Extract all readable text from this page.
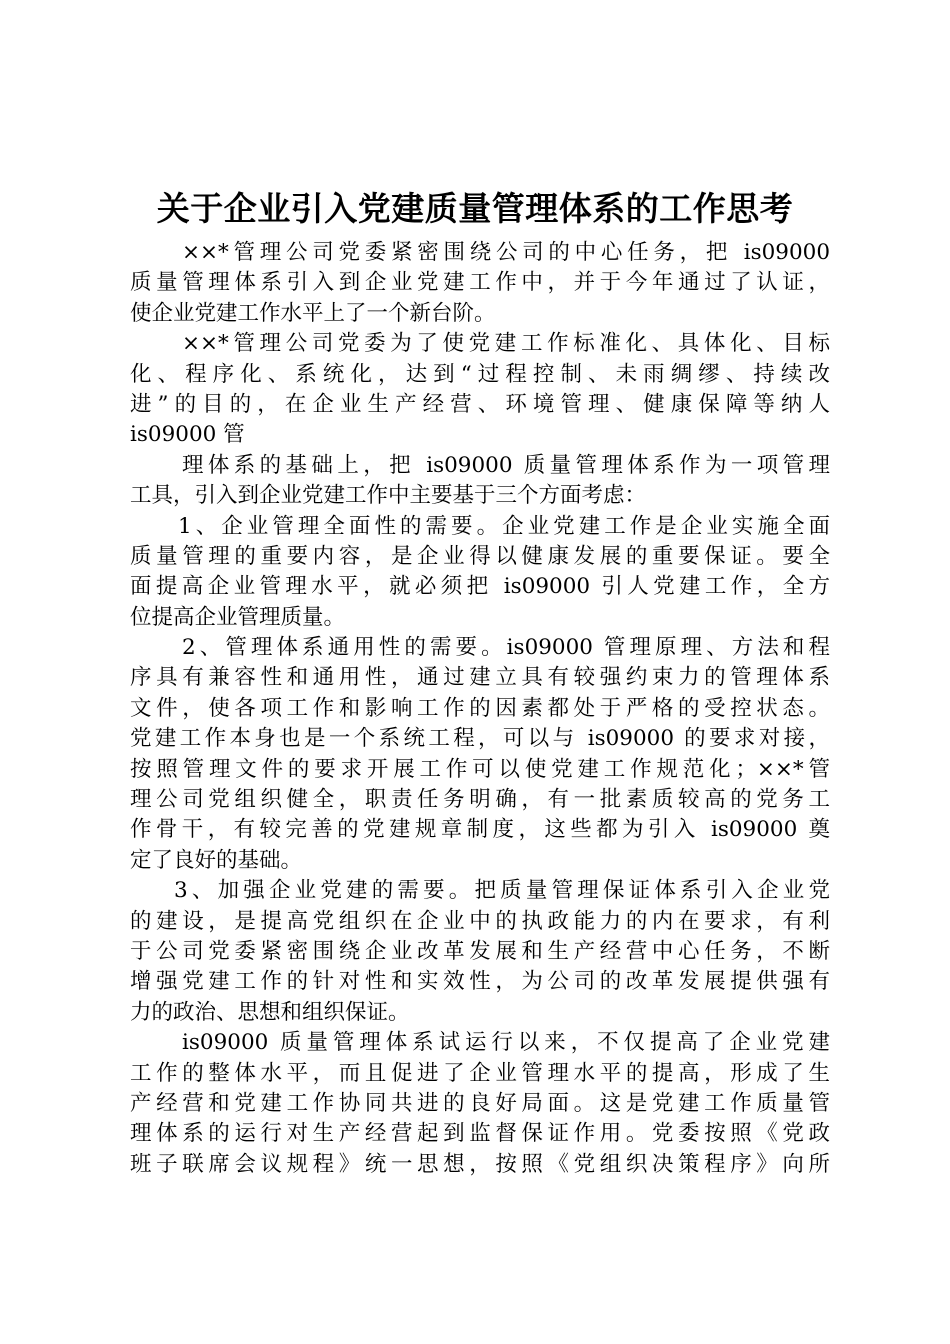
关于企业引入党建质量管理体系的工作思考

××*管理公司党委紧密围绕公司的中心任务，把 is09000
质量管理体系引入到企业党建工作中，并于今年通过了认证，
使企业党建工作水平上了一个新台阶。

××*管理公司党委为了使党建工作标准化、具体化、目标
化、程序化、系统化，达到“过程控制、未雨绸缪、持续改
进”的目的，在企业生产经营、环境管理、健康保障等纳人
is09000 管

理体系的基础上，把 is09000 质量管理体系作为一项管理
工具，引入到企业党建工作中主要基于三个方面考虑：

1、企业管理全面性的需要。企业党建工作是企业实施全面
质量管理的重要内容，是企业得以健康发展的重要保证。要全
面提高企业管理水平，就必须把 is09000 引人党建工作，全方
位提高企业管理质量。

2、管理体系通用性的需要。is09000 管理原理、方法和程
序具有兼容性和通用性，通过建立具有较强约束力的管理体系
文件，使各项工作和影响工作的因素都处于严格的受控状态。
党建工作本身也是一个系统工程，可以与 is09000 的要求对接，
按照管理文件的要求开展工作可以使党建工作规范化；××*管
理公司党组织健全，职责任务明确，有一批素质较高的党务工
作骨干，有较完善的党建规章制度，这些都为引入 is09000 奠
定了良好的基础。

3、加强企业党建的需要。把质量管理保证体系引入企业党
的建设，是提高党组织在企业中的执政能力的内在要求，有利
于公司党委紧密围绕企业改革发展和生产经营中心任务，不断
增强党建工作的针对性和实效性，为公司的改革发展提供强有
力的政治、思想和组织保证。

is09000 质量管理体系试运行以来，不仅提高了企业党建
工作的整体水平，而且促进了企业管理水平的提高，形成了生
产经营和党建工作协同共进的良好局面。这是党建工作质量管
理体系的运行对生产经营起到监督保证作用。党委按照《党政
班子联席会议规程》统一思想，按照《党组织决策程序》向所
